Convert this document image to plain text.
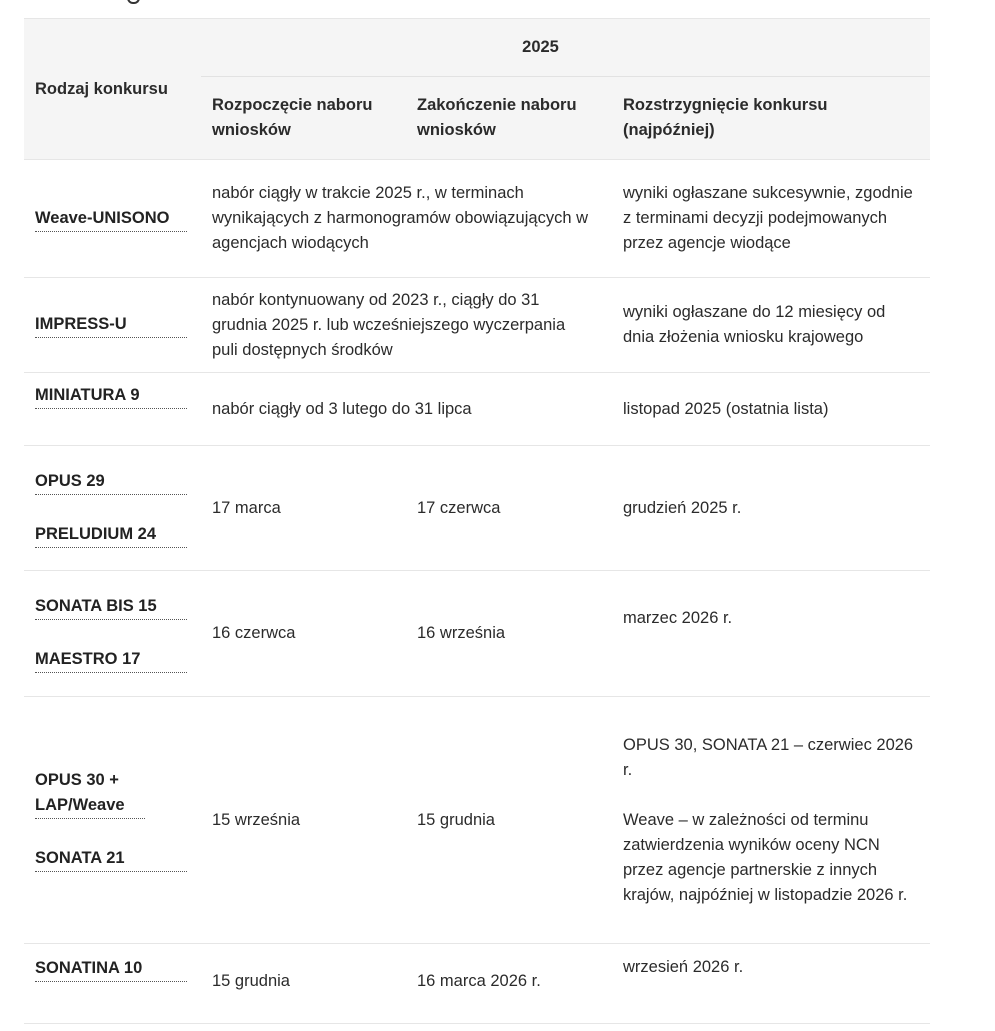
Rodzaj konkursu	2025		
	Rozpoczęcie naboru wniosków	Zakończenie naboru wniosków	Rozstrzygnięcie konkursu (najpóźniej)

Weave-UNISONO	nabór ciągły w trakcie 2025 r., w terminach wynikających z harmonogramów obowiązujących w agencjach wiodących		wyniki ogłaszane sukcesywnie, zgodnie z terminami decyzji podejmowanych przez agencje wiodące

IMPRESS-U	nabór kontynuowany od 2023 r., ciągły do 31 grudnia 2025 r. lub wcześniejszego wyczerpania puli dostępnych środków		wyniki ogłaszane do 12 miesięcy od dnia złożenia wniosku krajowego

MINIATURA 9	nabór ciągły od 3 lutego do 31 lipca		listopad 2025 (ostatnia lista)

OPUS 29
PRELUDIUM 24	17 marca	17 czerwca	grudzień 2025 r.

SONATA BIS 15
MAESTRO 17	16 czerwca	16 września	marzec 2026 r.

OPUS 30 + LAP/Weave
SONATA 21	15 września	15 grudnia	OPUS 30, SONATA 21 – czerwiec 2026 r.
Weave – w zależności od terminu zatwierdzenia wyników oceny NCN przez agencje partnerskie z innych krajów, najpóźniej w listopadzie 2026 r.

SONATINA 10	15 grudnia	16 marca 2026 r.	wrzesień 2026 r.
